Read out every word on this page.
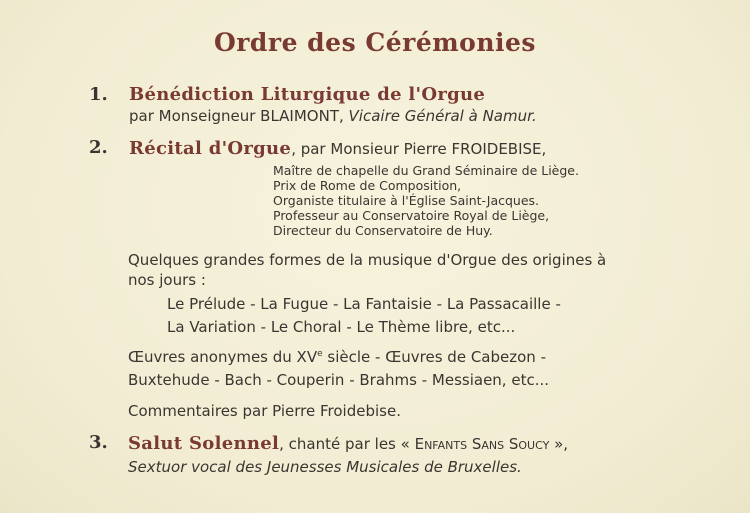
Ordre des Cérémonies
1. Bénédiction Liturgique de l'Orgue
par Monseigneur BLAIMONT, Vicaire Général à Namur.
2. Récital d'Orgue, par Monsieur Pierre FROIDEBISE,
Maître de chapelle du Grand Séminaire de Liège.
Prix de Rome de Composition,
Organiste titulaire à l'Église Saint-Jacques.
Professeur au Conservatoire Royal de Liège,
Directeur du Conservatoire de Huy.
Quelques grandes formes de la musique d'Orgue des origines à
nos jours :
Le Prélude - La Fugue - La Fantaisie - La Passacaille -
La Variation - Le Choral - Le Thème libre, etc...
Œuvres anonymes du XVe siècle - Œuvres de Cabezon -
Buxtehude - Bach - Couperin - Brahms - Messiaen, etc...
Commentaires par Pierre Froidebise.
3. Salut Solennel, chanté par les « Enfants Sans Soucy »,
Sextuor vocal des Jeunesses Musicales de Bruxelles.
